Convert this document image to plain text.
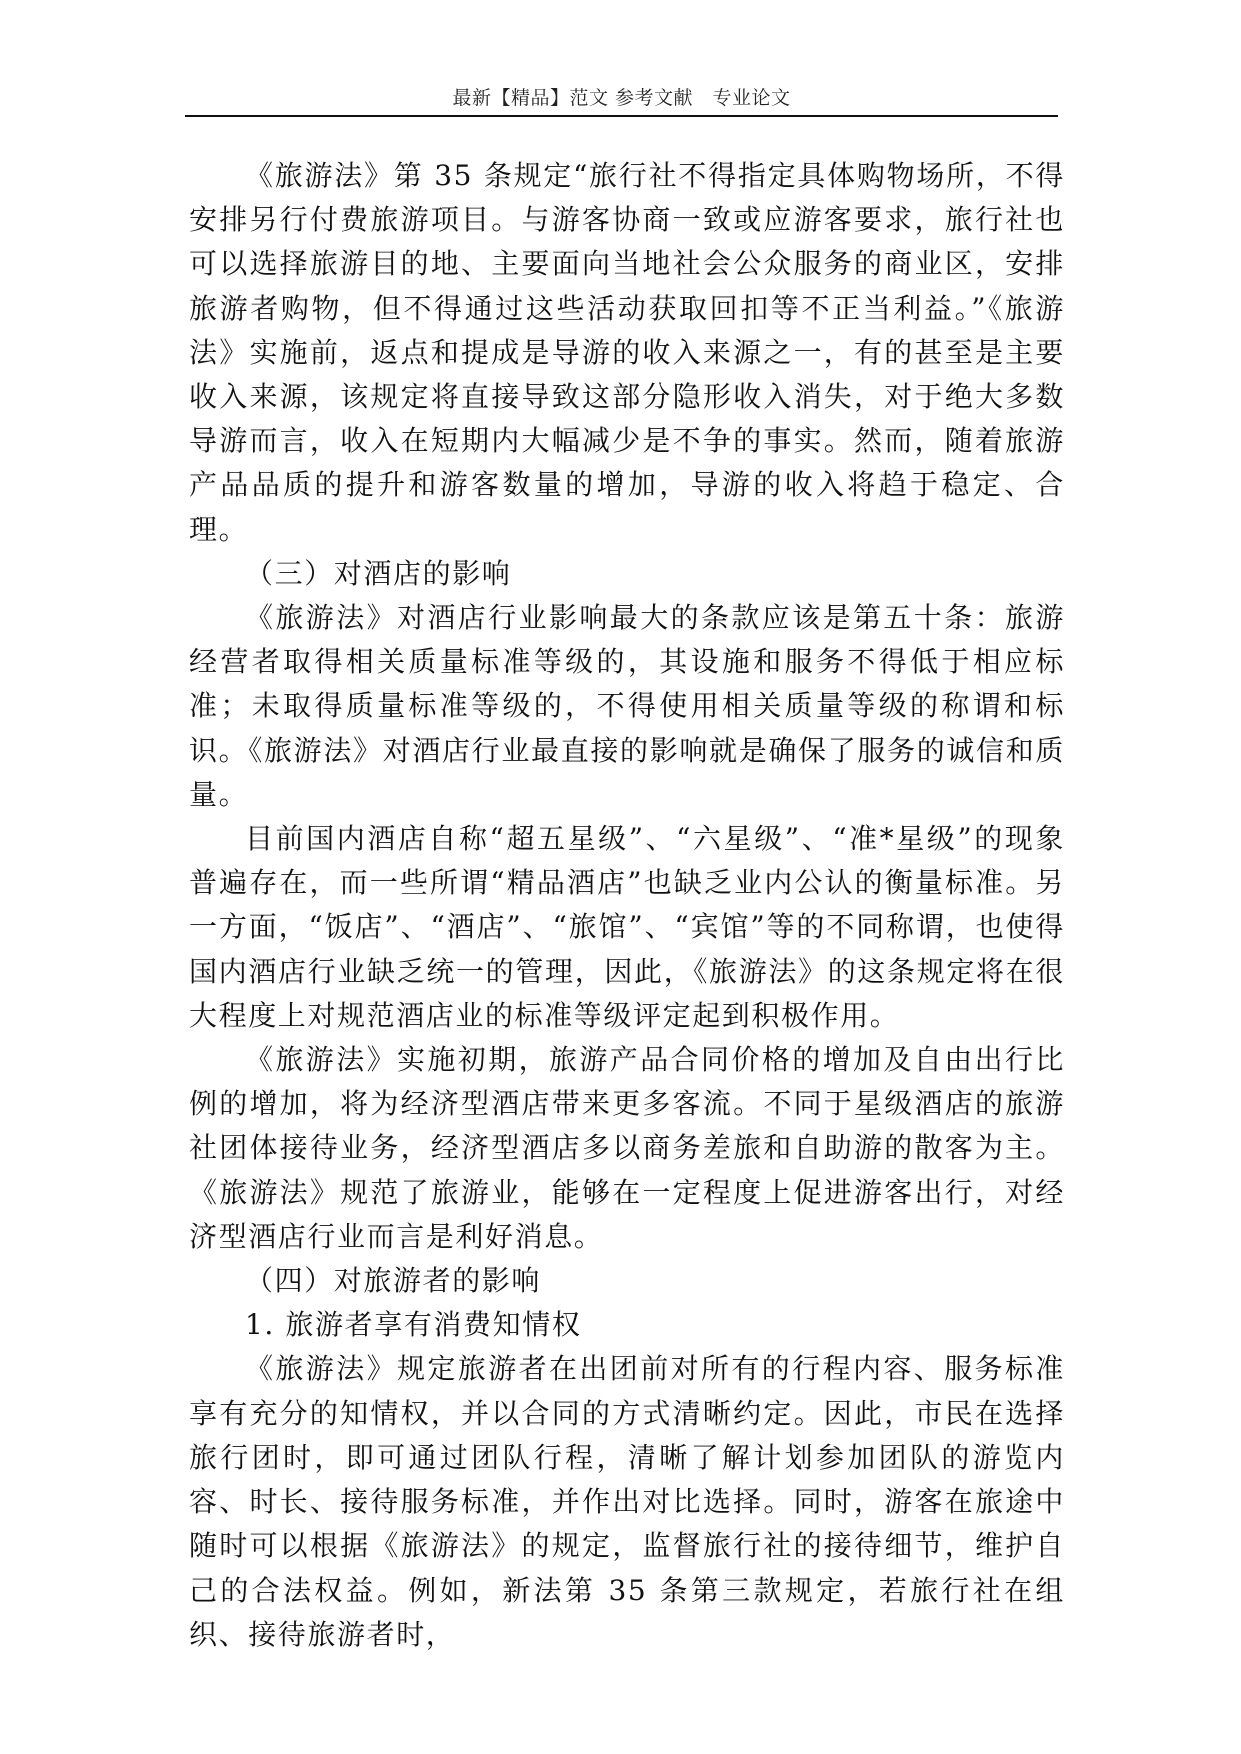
最新【精品】范文 参考文献　专业论文

《旅游法》第 35 条规定“旅行社不得指定具体购物场所，不得安排另行付费旅游项目。与游客协商一致或应游客要求，旅行社也可以选择旅游目的地、主要面向当地社会公众服务的商业区，安排旅游者购物，但不得通过这些活动获取回扣等不正当利益。”《旅游法》实施前，返点和提成是导游的收入来源之一，有的甚至是主要收入来源，该规定将直接导致这部分隐形收入消失，对于绝大多数导游而言，收入在短期内大幅减少是不争的事实。然而，随着旅游产品品质的提升和游客数量的增加，导游的收入将趋于稳定、合理。

（三）对酒店的影响

《旅游法》对酒店行业影响最大的条款应该是第五十条：旅游经营者取得相关质量标准等级的，其设施和服务不得低于相应标准；未取得质量标准等级的，不得使用相关质量等级的称谓和标识。《旅游法》对酒店行业最直接的影响就是确保了服务的诚信和质量。

目前国内酒店自称“超五星级”、“六星级”、“准*星级”的现象普遍存在，而一些所谓“精品酒店”也缺乏业内公认的衡量标准。另一方面，“饭店”、“酒店”、“旅馆”、“宾馆”等的不同称谓，也使得国内酒店行业缺乏统一的管理，因此，《旅游法》的这条规定将在很大程度上对规范酒店业的标准等级评定起到积极作用。

《旅游法》实施初期，旅游产品合同价格的增加及自由出行比例的增加，将为经济型酒店带来更多客流。不同于星级酒店的旅游社团体接待业务，经济型酒店多以商务差旅和自助游的散客为主。《旅游法》规范了旅游业，能够在一定程度上促进游客出行，对经济型酒店行业而言是利好消息。

（四）对旅游者的影响

1. 旅游者享有消费知情权

《旅游法》规定旅游者在出团前对所有的行程内容、服务标准享有充分的知情权，并以合同的方式清晰约定。因此，市民在选择旅行团时，即可通过团队行程，清晰了解计划参加团队的游览内容、时长、接待服务标准，并作出对比选择。同时，游客在旅途中随时可以根据《旅游法》的规定，监督旅行社的接待细节，维护自己的合法权益。例如，新法第 35 条第三款规定，若旅行社在组织、接待旅游者时，
